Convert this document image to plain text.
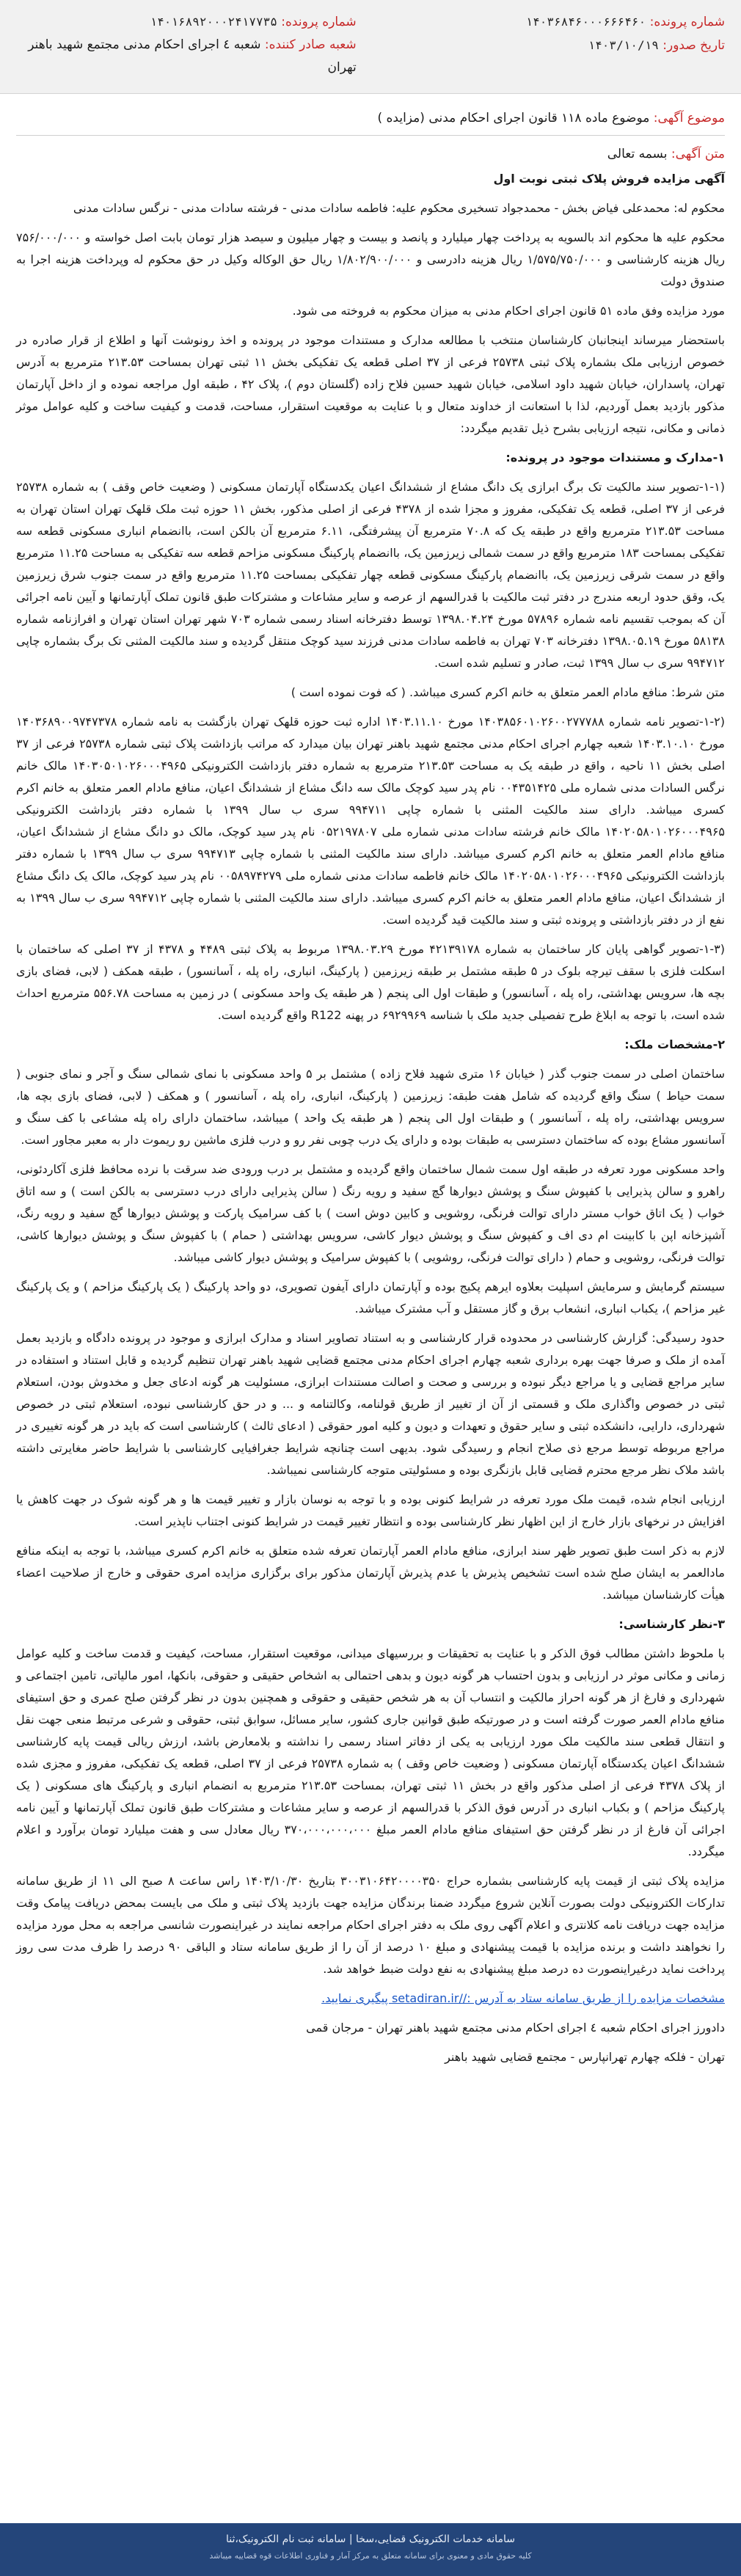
شماره پرونده: ۱۴۰۳۶۸۴۶۰۰۰۶۶۶۴۶۰
تاریخ صدور: ۱۴۰۳/۱۰/۱۹
شماره پرونده: ۱۴۰۱۶۸۹۲۰۰۰۲۴۱۷۷۳۵
شعبه صادر کننده: شعبه ٤ اجرای احکام مدنی مجتمع شهید باهنر تهران
موضوع آگهی: موضوع ماده ۱۱۸ قانون اجرای احکام مدنی (مزایده )
متن آگهی: بسمه تعالی

آگهی مزایده فروش پلاک ثبتی نوبت اول

محکوم له: محمدعلی فیاض بخش - محمدجواد تسخیری محکوم علیه: فاطمه سادات مدنی - فرشته سادات مدنی - نرگس سادات مدنی

محکوم علیه ها محکوم اند بالسویه به پرداخت چهار میلیارد و پانصد و بیست و چهار میلیون و سیصد هزار تومان بابت اصل خواسته و ۷۵۶/۰۰۰/۰۰۰ ریال هزینه کارشناسی و ۱/۵۷۵/۷۵۰/۰۰۰ ریال هزینه دادرسی و ۱/۸۰۲/۹۰۰/۰۰۰ ریال حق الوکاله وکیل در حق محکوم له وپرداخت هزینه اجرا به صندوق دولت

مورد مزایده وفق ماده ۵۱ قانون اجرای احکام مدنی به میزان محکوم به فروخته می شود.

باستحضار میرساند اینجانبان کارشناسان منتخب با مطالعه مدارک و مستندات موجود در پرونده و اخذ رونوشت آنها و اطلاع از قرار صادره در خصوص ارزیابی ملک بشماره پلاک ثبتی ۲۵۷۳۸ فرعی از ۳۷ اصلی قطعه یک تفکیکی بخش ۱۱ ثبتی تهران بمساحت ۲۱۳.۵۳ مترمربع به آدرس تهران، پاسداران، خیابان شهید داود اسلامی، خیابان شهید حسین فلاح زاده (گلستان دوم )، پلاک ۴۲ ، طبقه اول مراجعه نموده و از داخل آپارتمان مذکور بازدید بعمل آوردیم، لذا با استعانت از خداوند متعال و با عنایت به موقعیت استقرار، مساحت، قدمت و کیفیت ساخت و کلیه عوامل موثر ذمانی و مکانی، نتیجه ارزیابی بشرح ذیل تقدیم میگردد:

۱-مدارک و مستندات موجود در پرونده:

(۱-۱-تصویر سند مالکیت تک برگ ابرازی یک دانگ مشاع از ششدانگ اعیان یکدستگاه آپارتمان مسکونی ( وضعیت خاص وقف ) به شماره ۲۵۷۳۸ فرعی از ۳۷ اصلی، قطعه یک تفکیکی، مفروز و مجزا شده از ۴۳۷۸ فرعی از اصلی مذکور، بخش ۱۱ حوزه ثبت ملک قلهک تهران استان تهران به مساحت ۲۱۳.۵۳ مترمربع واقع در طبقه یک که ۷۰.۸ مترمربع آن پیشرفتگی، ۶.۱۱ مترمربع آن بالکن است، باانضمام انباری مسکونی قطعه سه تفکیکی بمساحت ۱۸۳ مترمربع واقع در سمت شمالی زیرزمین یک، باانضمام پارکینگ مسکونی مزاحم قطعه سه تفکیکی به مساحت ۱۱.۲۵ مترمربع واقع در سمت شرقی زیرزمین یک، باانضمام پارکینگ مسکونی قطعه چهار تفکیکی بمساحت ۱۱.۲۵ مترمربع واقع در سمت جنوب شرق زیرزمین یک، وقق حدود اربعه مندرج در دفتر ثبت مالکیت با قدرالسهم از عرصه و سایر مشاعات و مشترکات طبق قانون تملک آپارتمانها و آیین نامه اجرائی آن که بموجب تقسیم نامه شماره ۵۷۸۹۶ مورخ ۱۳۹۸.۰۴.۲۴ توسط دفترخانه اسناد رسمی شماره ۷۰۳ شهر تهران استان تهران و افرازنامه شماره ۵۸۱۳۸ مورخ ۱۳۹۸.۰۵.۱۹ دفترخانه ۷۰۳ تهران به فاطمه سادات مدنی فرزند سید کوچک منتقل گردیده و سند مالکیت المثنی تک برگ بشماره چاپی ۹۹۴۷۱۲ سری ب سال ۱۳۹۹ ثبت، صادر و تسلیم شده است.

متن شرط: منافع مادام العمر متعلق به خانم اکرم کسری میباشد. ( که فوت نموده است )

(۱-۲-تصویر نامه شماره ۱۴۰۳۸۵۶۰۱۰۲۶۰۰۲۷۷۷۸۸ مورخ ۱۴۰۳.۱۱.۱۰ اداره ثبت حوزه قلهک تهران بازگشت به نامه شماره ۱۴۰۳۶۸۹۰۰۹۷۴۷۳۷۸ مورخ ۱۴۰۳.۱۰.۱۰ شعبه چهارم اجرای احکام مدنی مجتمع شهید باهنر تهران بیان میدارد که مراتب بازداشت پلاک ثبتی شماره ۲۵۷۳۸ فرعی از ۳۷ اصلی بخش ۱۱ ناحیه ، واقع در طبقه یک به مساحت ۲۱۳.۵۳ مترمربع به شماره دفتر بازداشت الکترونیکی ۱۴۰۳۰۵۰۱۰۲۶۰۰۰۴۹۶۵ مالک خانم نرگس السادات مدنی شماره ملی ۰۰۴۳۵۱۴۲۵ نام پدر سید کوچک مالک سه دانگ مشاع از ششدانگ اعیان، منافع مادام العمر متعلق به خانم اکرم کسری میباشد. دارای سند مالکیت المثنی با شماره چاپی ۹۹۴۷۱۱ سری ب سال ۱۳۹۹ با شماره دفتر بازداشت الکترونیکی ۱۴۰۲۰۵۸۰۱۰۲۶۰۰۰۴۹۶۵ مالک خانم فرشته سادات مدنی شماره ملی ۰۵۲۱۹۷۸۰۷ نام پدر سید کوچک، مالک دو دانگ مشاع از ششدانگ اعیان، منافع مادام العمر متعلق به خانم اکرم کسری میباشد. دارای سند مالکیت المثنی با شماره چاپی ۹۹۴۷۱۳ سری ب سال ۱۳۹۹ با شماره دفتر بازداشت الکترونیکی ۱۴۰۲۰۵۸۰۱۰۲۶۰۰۰۴۹۶۵ مالک خانم فاطمه سادات مدنی شماره ملی ۰۰۵۸۹۷۴۲۷۹ نام پدر سید کوچک، مالک یک دانگ مشاع از ششدانگ اعیان، منافع مادام العمر متعلق به خانم اکرم کسری میباشد. دارای سند مالکیت المثنی با شماره چاپی ۹۹۴۷۱۲ سری ب سال ۱۳۹۹ به نفع از در دفتر بازداشتی و پرونده ثبتی و سند مالکیت قید گردیده است.

(۱-۳-تصویر گواهی پایان کار ساختمان به شماره ۴۲۱۳۹۱۷۸ مورخ ۱۳۹۸.۰۳.۲۹ مربوط به پلاک ثبتی ۴۴۸۹ و ۴۳۷۸ از ۳۷ اصلی که ساختمان با اسکلت فلزی با سقف تیرچه بلوک در ۵ طبقه مشتمل بر طبقه زیرزمین ( پارکینگ، انباری، راه پله ، آسانسور) ، طبقه همکف ( لابی، فضای بازی بچه ها، سرویس بهداشتی، راه پله ، آسانسور) و طبقات اول الی پنجم ( هر طبقه یک واحد مسکونی ) در زمین به مساحت ۵۵۶.۷۸ مترمربع احداث شده است، با توجه به ابلاغ طرح تفصیلی جدید ملک با شناسه ۶۹۲۹۹۶۹ در پهنه R122 واقع گردیده است.

۲-مشخصات ملک:

ساختمان اصلی در سمت جنوب گذر ( خیابان ۱۶ متری شهید فلاح زاده ) مشتمل بر ۵ واحد مسکونی با نمای شمالی سنگ و آجر و نمای جنوبی ( سمت حیاط ) سنگ واقع گردیده که شامل هفت طبقه: زیرزمین ( پارکینگ، انباری، راه پله ، آسانسور ) و همکف ( لابی، فضای بازی بچه ها، سرویس بهداشتی، راه پله ، آسانسور ) و طبقات اول الی پنجم ( هر طبقه یک واحد ) میباشد، ساختمان دارای راه پله مشاعی با کف سنگ و آسانسور مشاع بوده که ساختمان دسترسی به طبقات بوده و دارای یک درب چوبی نفر رو و درب فلزی ماشین رو ریموت دار به معبر مجاور است.

واحد مسکونی مورد تعرفه در طبقه اول سمت شمال ساختمان واقع گردیده و مشتمل بر درب ورودی ضد سرقت با نرده محافظ فلزی آکاردئونی، راهرو و سالن پذیرایی با کفپوش سنگ و پوشش دیوارها گچ سفید و رویه رنگ ( سالن پذیرایی دارای درب دسترسی به بالکن است ) و سه اتاق خواب ( یک اتاق خواب مستر دارای توالت فرنگی، روشویی و کابین دوش است ) با کف سرامیک پارکت و پوشش دیوارها گچ سفید و رویه رنگ، آشپزخانه اپن با کابینت ام دی اف و کفپوش سنگ و پوشش دیوار کاشی، سرویس بهداشتی ( حمام ) با کفپوش سنگ و پوشش دیوارها کاشی، توالت فرنگی، روشویی و حمام ( دارای توالت فرنگی، روشویی ) با کفپوش سرامیک و پوشش دیوار کاشی میباشد.

سیستم گرمایش و سرمایش اسپلیت بعلاوه ایرهم پکیج بوده و آپارتمان دارای آیفون تصویری، دو واحد پارکینگ ( یک پارکینگ مزاحم ) و یک پارکینگ غیر مزاحم )، یکباب انباری، انشعاب برق و گاز مستقل و آب مشترک میباشد.

حدود رسیدگی: گزارش کارشناسی در محدوده قرار کارشناسی و به استناد تصاویر اسناد و مدارک ابرازی و موجود در پرونده دادگاه و بازدید بعمل آمده از ملک و صرفا جهت بهره برداری شعبه چهارم اجرای احکام مدنی مجتمع قضایی شهید باهنر تهران تنظیم گردیده و قابل استناد و استفاده در سایر مراجع قضایی و یا مراجع دیگر نبوده و بررسی و صحت و اصالت مستندات ابرازی، مسئولیت هر گونه ادعای جعل و مخدوش بودن، استعلام ثبتی در خصوص واگذاری ملک و قسمتی از آن از تغییر از طریق قولنامه، وکالتنامه و ... و در حق کارشناسی نبوده، استعلام ثبتی در خصوص شهرداری، دارایی، دانشکده ثبتی و سایر حقوق و تعهدات و دیون و کلیه امور حقوقی ( ادعای ثالث ) کارشناسی است که باید در هر گونه تغییری در مراجع مربوطه توسط مرجع ذی صلاح انجام و رسیدگی شود. بدیهی است چنانچه شرایط جغرافیایی کارشناسی با شرایط حاضر مغایرتی داشته باشد ملاک نظر مرجع محترم قضایی قابل بازنگری بوده و مسئولیتی متوجه کارشناسی نمیباشد.

ارزیابی انجام شده، قیمت ملک مورد تعرفه در شرایط کنونی بوده و با توجه به نوسان بازار و تغییر قیمت ها و هر گونه شوک در جهت کاهش یا افزایش در نرخهای بازار خارج از این اظهار نظر کارشناسی بوده و انتظار تغییر قیمت در شرایط کنونی اجتناب ناپذیر است.

لازم به ذکر است طبق تصویر ظهر سند ابرازی، منافع مادام العمر آپارتمان تعرفه شده متعلق به خانم اکرم کسری میباشد، با توجه به اینکه منافع مادالعمر به ایشان صلح شده است تشخیص پذیرش یا عدم پذیرش آپارتمان مذکور برای برگزاری مزایده امری حقوقی و خارج از صلاحیت اعضاء هیأت کارشناسان میباشد.

۳-نظر کارشناسی:

با ملحوظ داشتن مطالب فوق الذکر و با عنایت به تحقیقات و بررسیهای میدانی، موقعیت استقرار، مساحت، کیفیت و قدمت ساخت و کلیه عوامل زمانی و مکانی موثر در ارزیابی و بدون احتساب هر گونه دیون و بدهی احتمالی به اشخاص حقیقی و حقوقی، بانکها، امور مالیاتی، تامین اجتماعی و شهرداری و فارغ از هر گونه احراز مالکیت و انتساب آن به هر شخص حقیقی و حقوقی و همچنین بدون در نظر گرفتن صلح عمری و حق استیفای منافع مادام العمر صورت گرفته است و در صورتیکه طبق قوانین جاری کشور، سایر مسائل، سوابق ثبتی، حقوقی و شرعی مرتبط منعی جهت نقل و انتقال قطعی سند مالکیت ملک مورد ارزیابی به یکی از دفاتر اسناد رسمی را نداشته و بلامعارض باشد، ارزش ریالی قیمت پایه کارشناسی ششدانگ اعیان یکدستگاه آپارتمان مسکونی ( وضعیت خاص وقف ) به شماره ۲۵۷۳۸ فرعی از ۳۷ اصلی، قطعه یک تفکیکی، مفروز و مجزی شده از پلاک ۴۳۷۸ فرعی از اصلی مذکور واقع در بخش ۱۱ ثبتی تهران، بمساحت ۲۱۳.۵۳ مترمربع به انضمام انباری و پارکینگ های مسکونی ( یک پارکینگ مزاحم ) و بکباب انباری در آدرس فوق الذکر با قدرالسهم از عرصه و سایر مشاعات و مشترکات طبق قانون تملک آپارتمانها و آیین نامه اجرائی آن فارغ از در نظر گرفتن حق استیفای منافع مادام العمر مبلغ ۳۷۰،۰۰۰،۰۰۰،۰۰۰ ریال معادل سی و هفت میلیارد تومان برآورد و اعلام میگردد.

مزایده پلاک ثبتی از قیمت پایه کارشناسی بشماره حراج ۳۰۰۳۱۰۶۴۲۰۰۰۰۳۵۰ بتاریخ ۱۴۰۳/۱۰/۳۰ راس ساعت ۸ صبح الی ۱۱ از طریق سامانه تدارکات الکترونیکی دولت بصورت آنلاین شروع میگردد ضمنا برندگان مزایده جهت بازدید پلاک ثبتی و ملک می بایست بمحض دریافت پیامک وقت مزایده جهت دریافت نامه کلانتری و اعلام آگهی روی ملک به دفتر اجرای احکام مراجعه نمایند در غیراینصورت شانسی مراجعه به محل مورد مزایده را نخواهند داشت و برنده مزایده با قیمت پیشنهادی و مبلغ ۱۰ درصد از آن را از طریق سامانه ستاد و الباقی ۹۰ درصد را ظرف مدت سی روز پرداخت نماید درغیراینصورت ده درصد مبلغ پیشنهادی به نفع دولت ضبط خواهد شد.

مشخصات مزایده را از طریق سامانه ستاد به آدرس ://setadiran.ir پیگیری نمایید.

دادورز اجرای احکام شعبه ٤ اجرای احکام مدنی مجتمع شهید باهنر تهران - مرجان قمی

تهران - فلکه چهارم تهرانپارس - مجتمع قضایی شهید باهنر

سامانه خدمات الکترونیک قضایی،سخا | سامانه ثبت نام الکترونیک،ثنا
کلیه حقوق مادی و معنوی برای سامانه متعلق به مرکز آمار و فناوری اطلاعات قوه قضاییه میباشد
